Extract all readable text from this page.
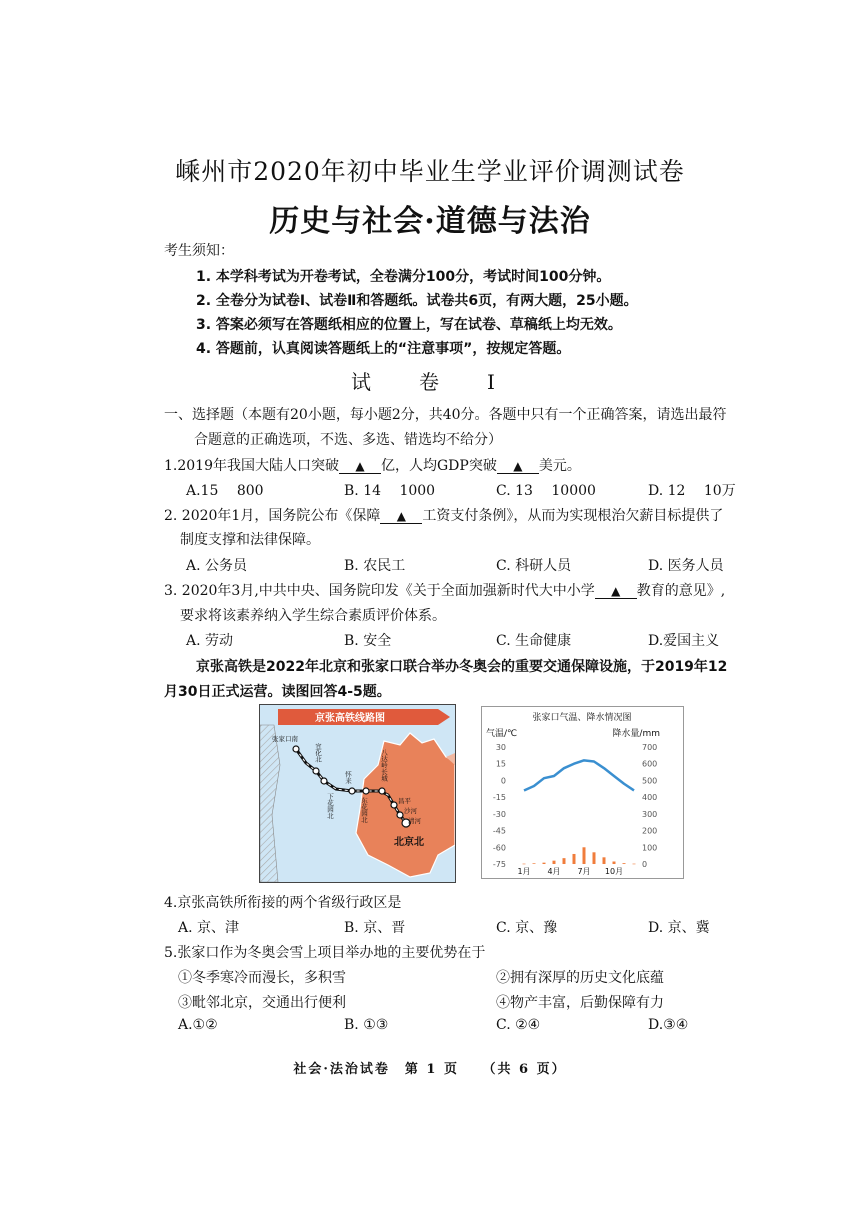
嵊州市2020年初中毕业生学业评价调测试卷
历史与社会·道德与法治
考生须知：
1. 本学科考试为开卷考试，全卷满分100分，考试时间100分钟。
2. 全卷分为试卷Ⅰ、试卷Ⅱ和答题纸。试卷共6页，有两大题，25小题。
3. 答案必须写在答题纸相应的位置上，写在试卷、草稿纸上均无效。
4. 答题前，认真阅读答题纸上的“注意事项”，按规定答题。
试　卷　Ⅰ
一、选择题（本题有20小题，每小题2分，共40分。各题中只有一个正确答案，请选出最符
合题意的正确选项，不选、多选、错选均不给分）
1.2019年我国大陆人口突破 ▲ 亿，人均GDP突破 ▲ 美元。
A.15　 800	B. 14　 1000	C. 13　 10000	D. 12　 10万
2. 2020年1月，国务院公布《保障 ▲ 工资支付条例》，从而为实现根治欠薪目标提供了
制度支撑和法律保障。
A. 公务员	B. 农民工	C. 科研人员	D. 医务人员
3. 2020年3月,中共中央、国务院印发《关于全面加强新时代大中小学 ▲ 教育的意见》,
要求将该素养纳入学生综合素质评价体系。
A. 劳动	B. 安全	C. 生命健康	D.爱国主义
京张高铁是2022年北京和张家口联合举办冬奥会的重要交通保障设施，于2019年12
月30日正式运营。读图回答4-5题。
京张高铁线路图
张家口南
宣化北
下花园北
怀来
东花园北
八达岭长城
昌平
沙河
清河
北京北
张家口气温、降水情况图
气温/℃	降水量/mm
30
15
0
-15
-30
-45
-60
-75
700
600
500
400
300
200
100
0
1月 4月 7月 10月
4.京张高铁所衔接的两个省级行政区是
A. 京、津	B. 京、晋	C. 京、豫	D. 京、冀
5.张家口作为冬奥会雪上项目举办地的主要优势在于
①冬季寒冷而漫长，多积雪	②拥有深厚的历史文化底蕴
③毗邻北京，交通出行便利	④物产丰富，后勤保障有力
A.①②	B. ①③	C. ②④	D.③④
社会·法治试卷　第 1 页　　（共 6 页）
